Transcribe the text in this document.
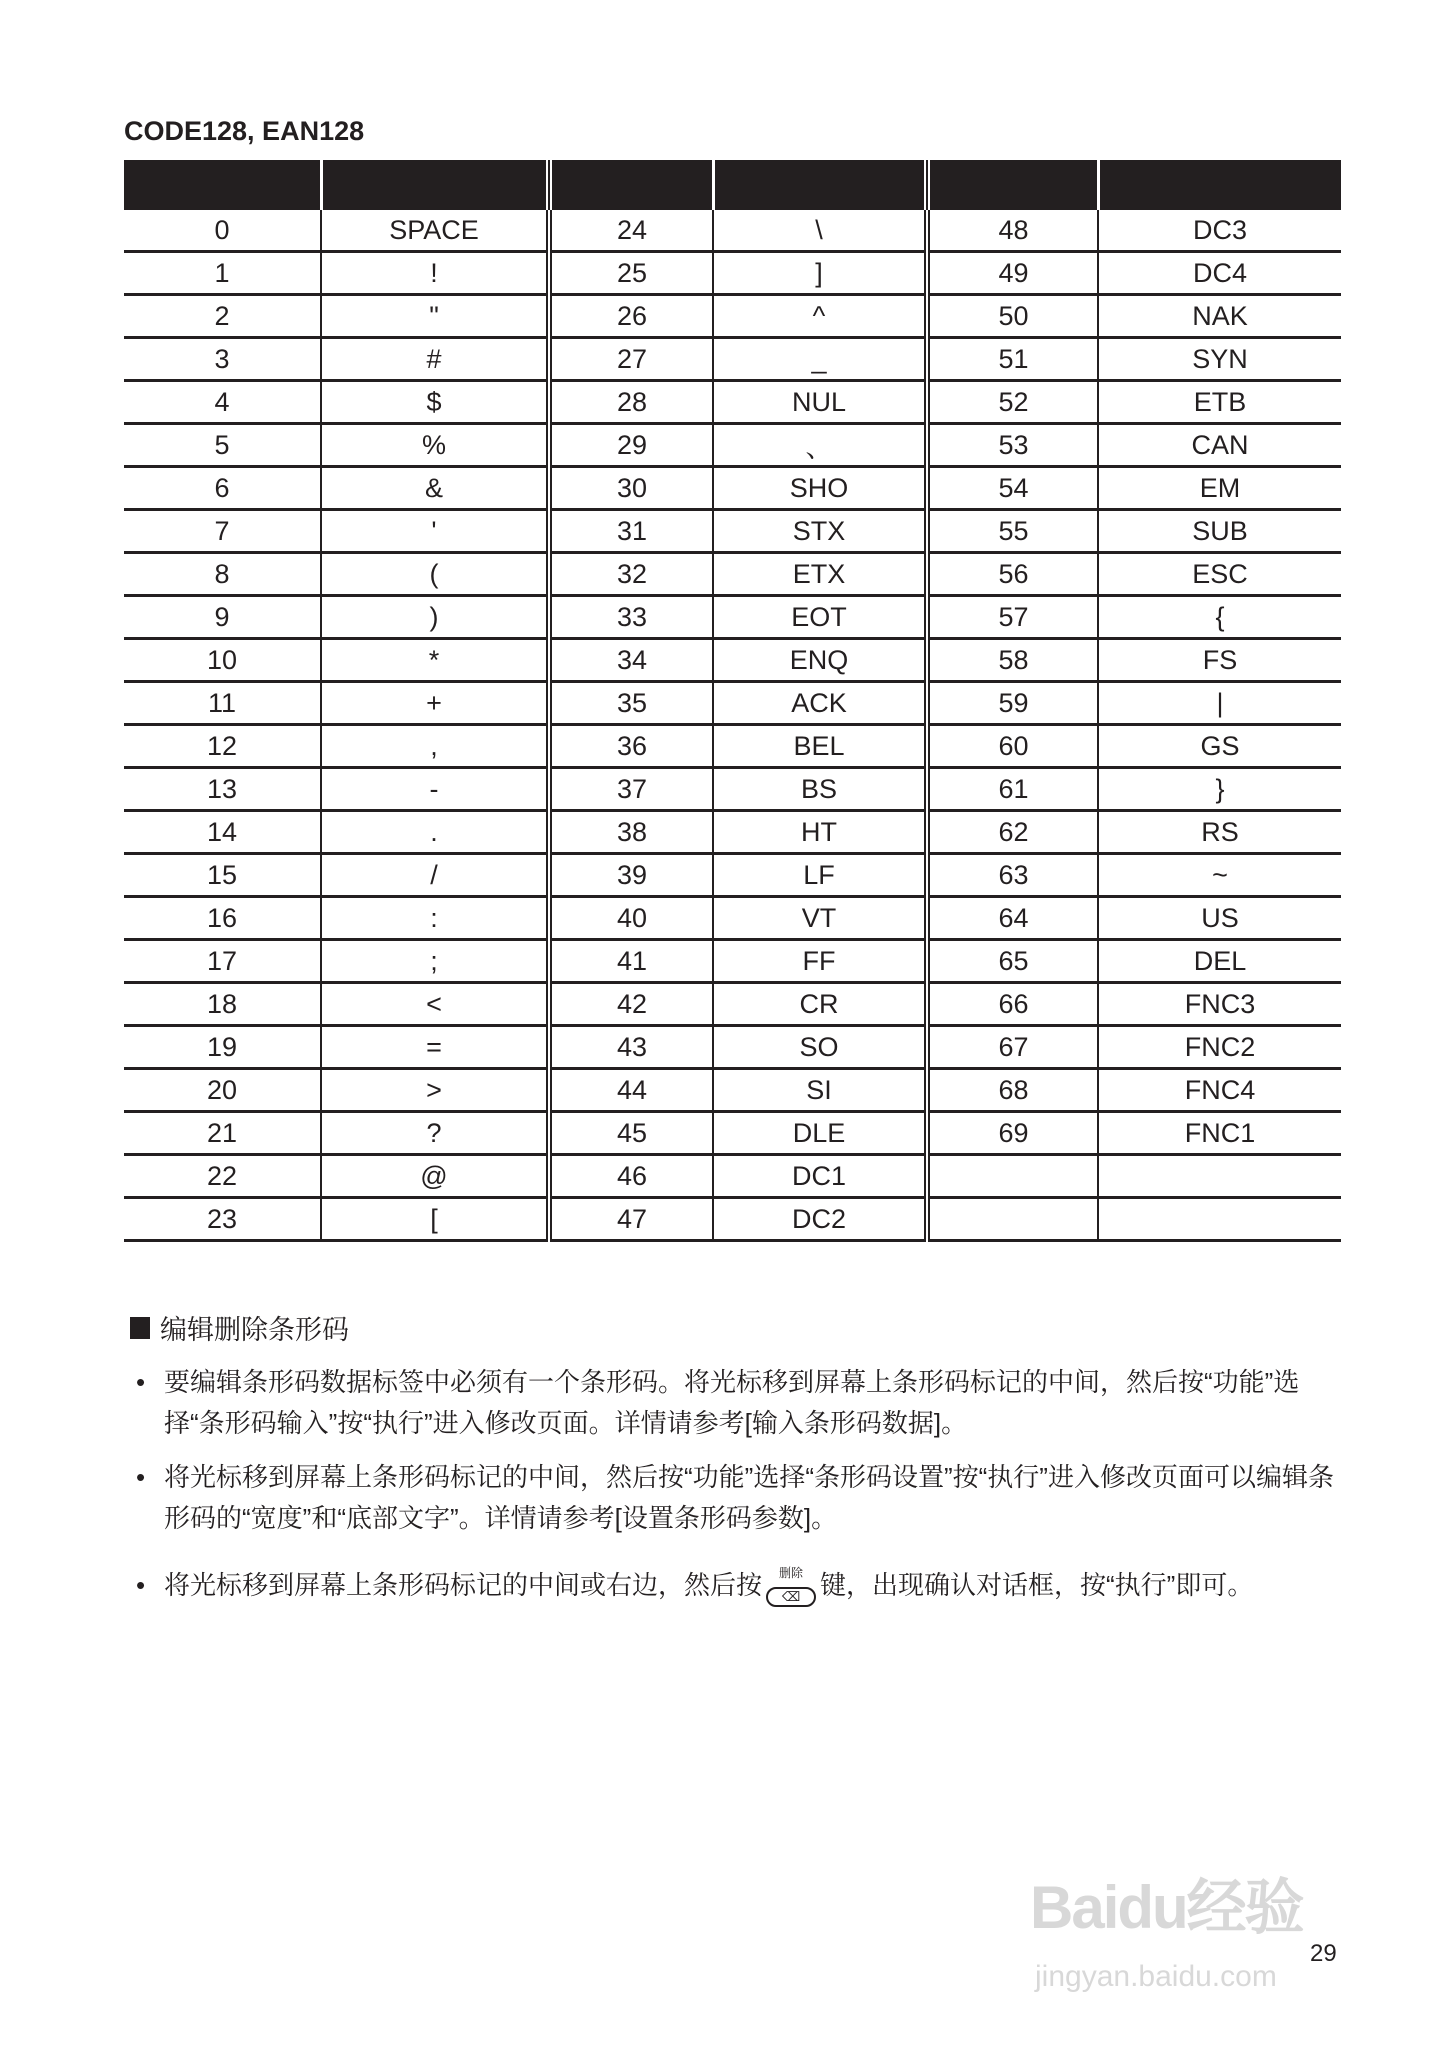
CODE128, EAN128

0	SPACE	24	\	48	DC3
1	!	25	]	49	DC4
2	"	26	^	50	NAK
3	#	27	_	51	SYN
4	$	28	NUL	52	ETB
5	%	29	、	53	CAN
6	&	30	SHO	54	EM
7	'	31	STX	55	SUB
8	(	32	ETX	56	ESC
9	)	33	EOT	57	{
10	*	34	ENQ	58	FS
11	+	35	ACK	59	|
12	,	36	BEL	60	GS
13	-	37	BS	61	}
14	.	38	HT	62	RS
15	/	39	LF	63	~
16	:	40	VT	64	US
17	;	41	FF	65	DEL
18	<	42	CR	66	FNC3
19	=	43	SO	67	FNC2
20	>	44	SI	68	FNC4
21	?	45	DLE	69	FNC1
22	@	46	DC1		
23	[	47	DC2		
编辑删除条形码
• 要编辑条形码数据标签中必须有一个条形码。将光标移到屏幕上条形码标记的中间，然后按“功能”选择“条形码输入”按“执行”进入修改页面。详情请参考[输入条形码数据]。
• 将光标移到屏幕上条形码标记的中间，然后按“功能”选择“条形码设置”按“执行”进入修改页面可以编辑条形码的“宽度”和“底部文字”。详情请参考[设置条形码参数]。
• 将光标移到屏幕上条形码标记的中间或右边，然后按	删除
⌫ 键，出现确认对话框，按“执行”即可。
Baidu经验
jingyan.baidu.com
29
